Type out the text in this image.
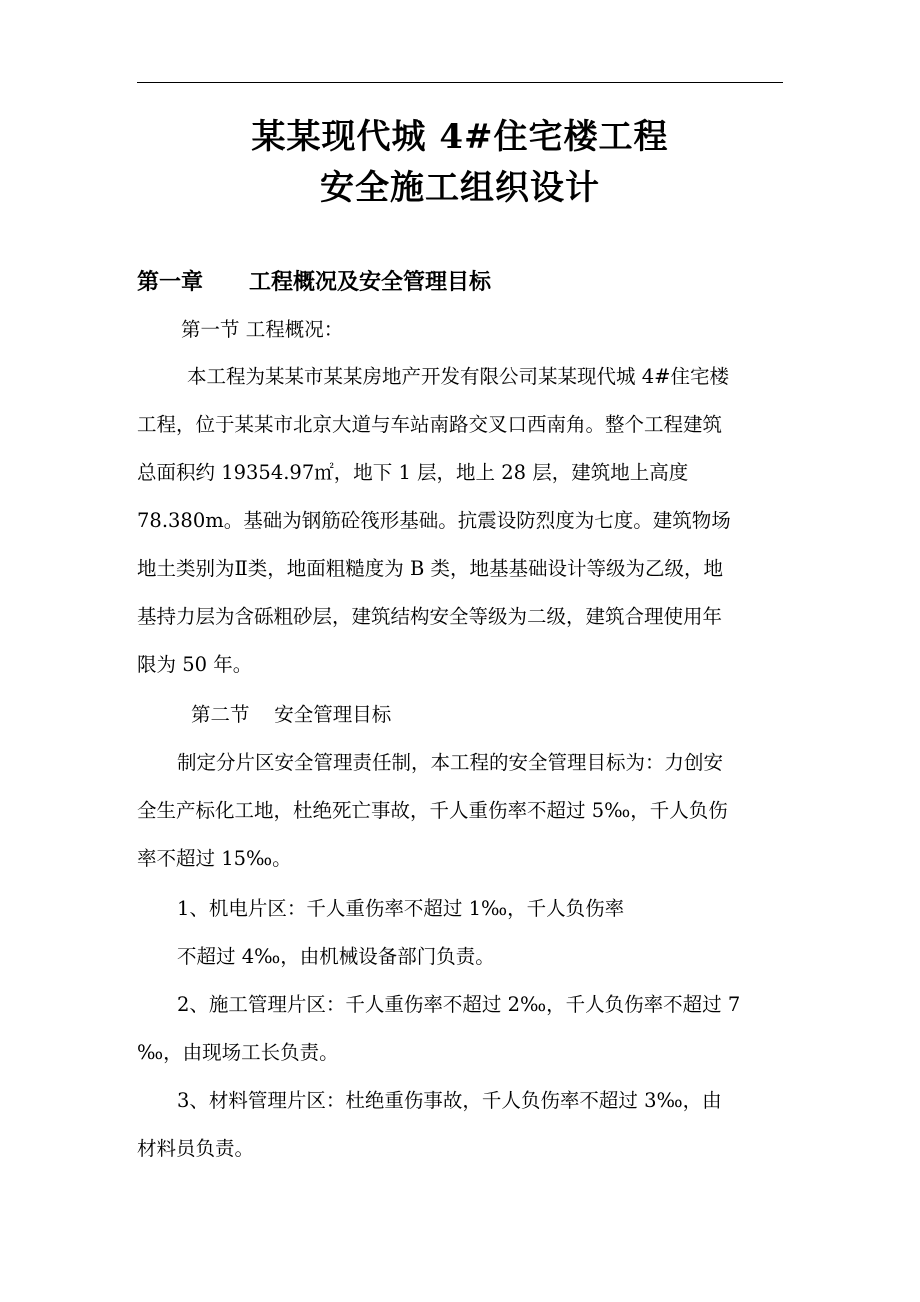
某某现代城 4#住宅楼工程
安全施工组织设计
第一章 工程概况及安全管理目标
第一节 工程概况：
本工程为某某市某某房地产开发有限公司某某现代城 4#住宅楼
工程，位于某某市北京大道与车站南路交叉口西南角。整个工程建筑
总面积约 19354.97㎡，地下 1 层，地上 28 层，建筑地上高度
78.380m。基础为钢筋砼筏形基础。抗震设防烈度为七度。建筑物场
地土类别为Ⅱ类，地面粗糙度为 B 类，地基基础设计等级为乙级，地
基持力层为含砾粗砂层，建筑结构安全等级为二级，建筑合理使用年
限为 50 年。
第二节    安全管理目标
制定分片区安全管理责任制，本工程的安全管理目标为：力创安
全生产标化工地，杜绝死亡事故，千人重伤率不超过 5‰，千人负伤
率不超过 15‰。
1、机电片区：千人重伤率不超过 1‰，千人负伤率
不超过 4‰，由机械设备部门负责。
2、施工管理片区：千人重伤率不超过 2‰，千人负伤率不超过 7
‰，由现场工长负责。
3、材料管理片区：杜绝重伤事故，千人负伤率不超过 3‰，由
材料员负责。
